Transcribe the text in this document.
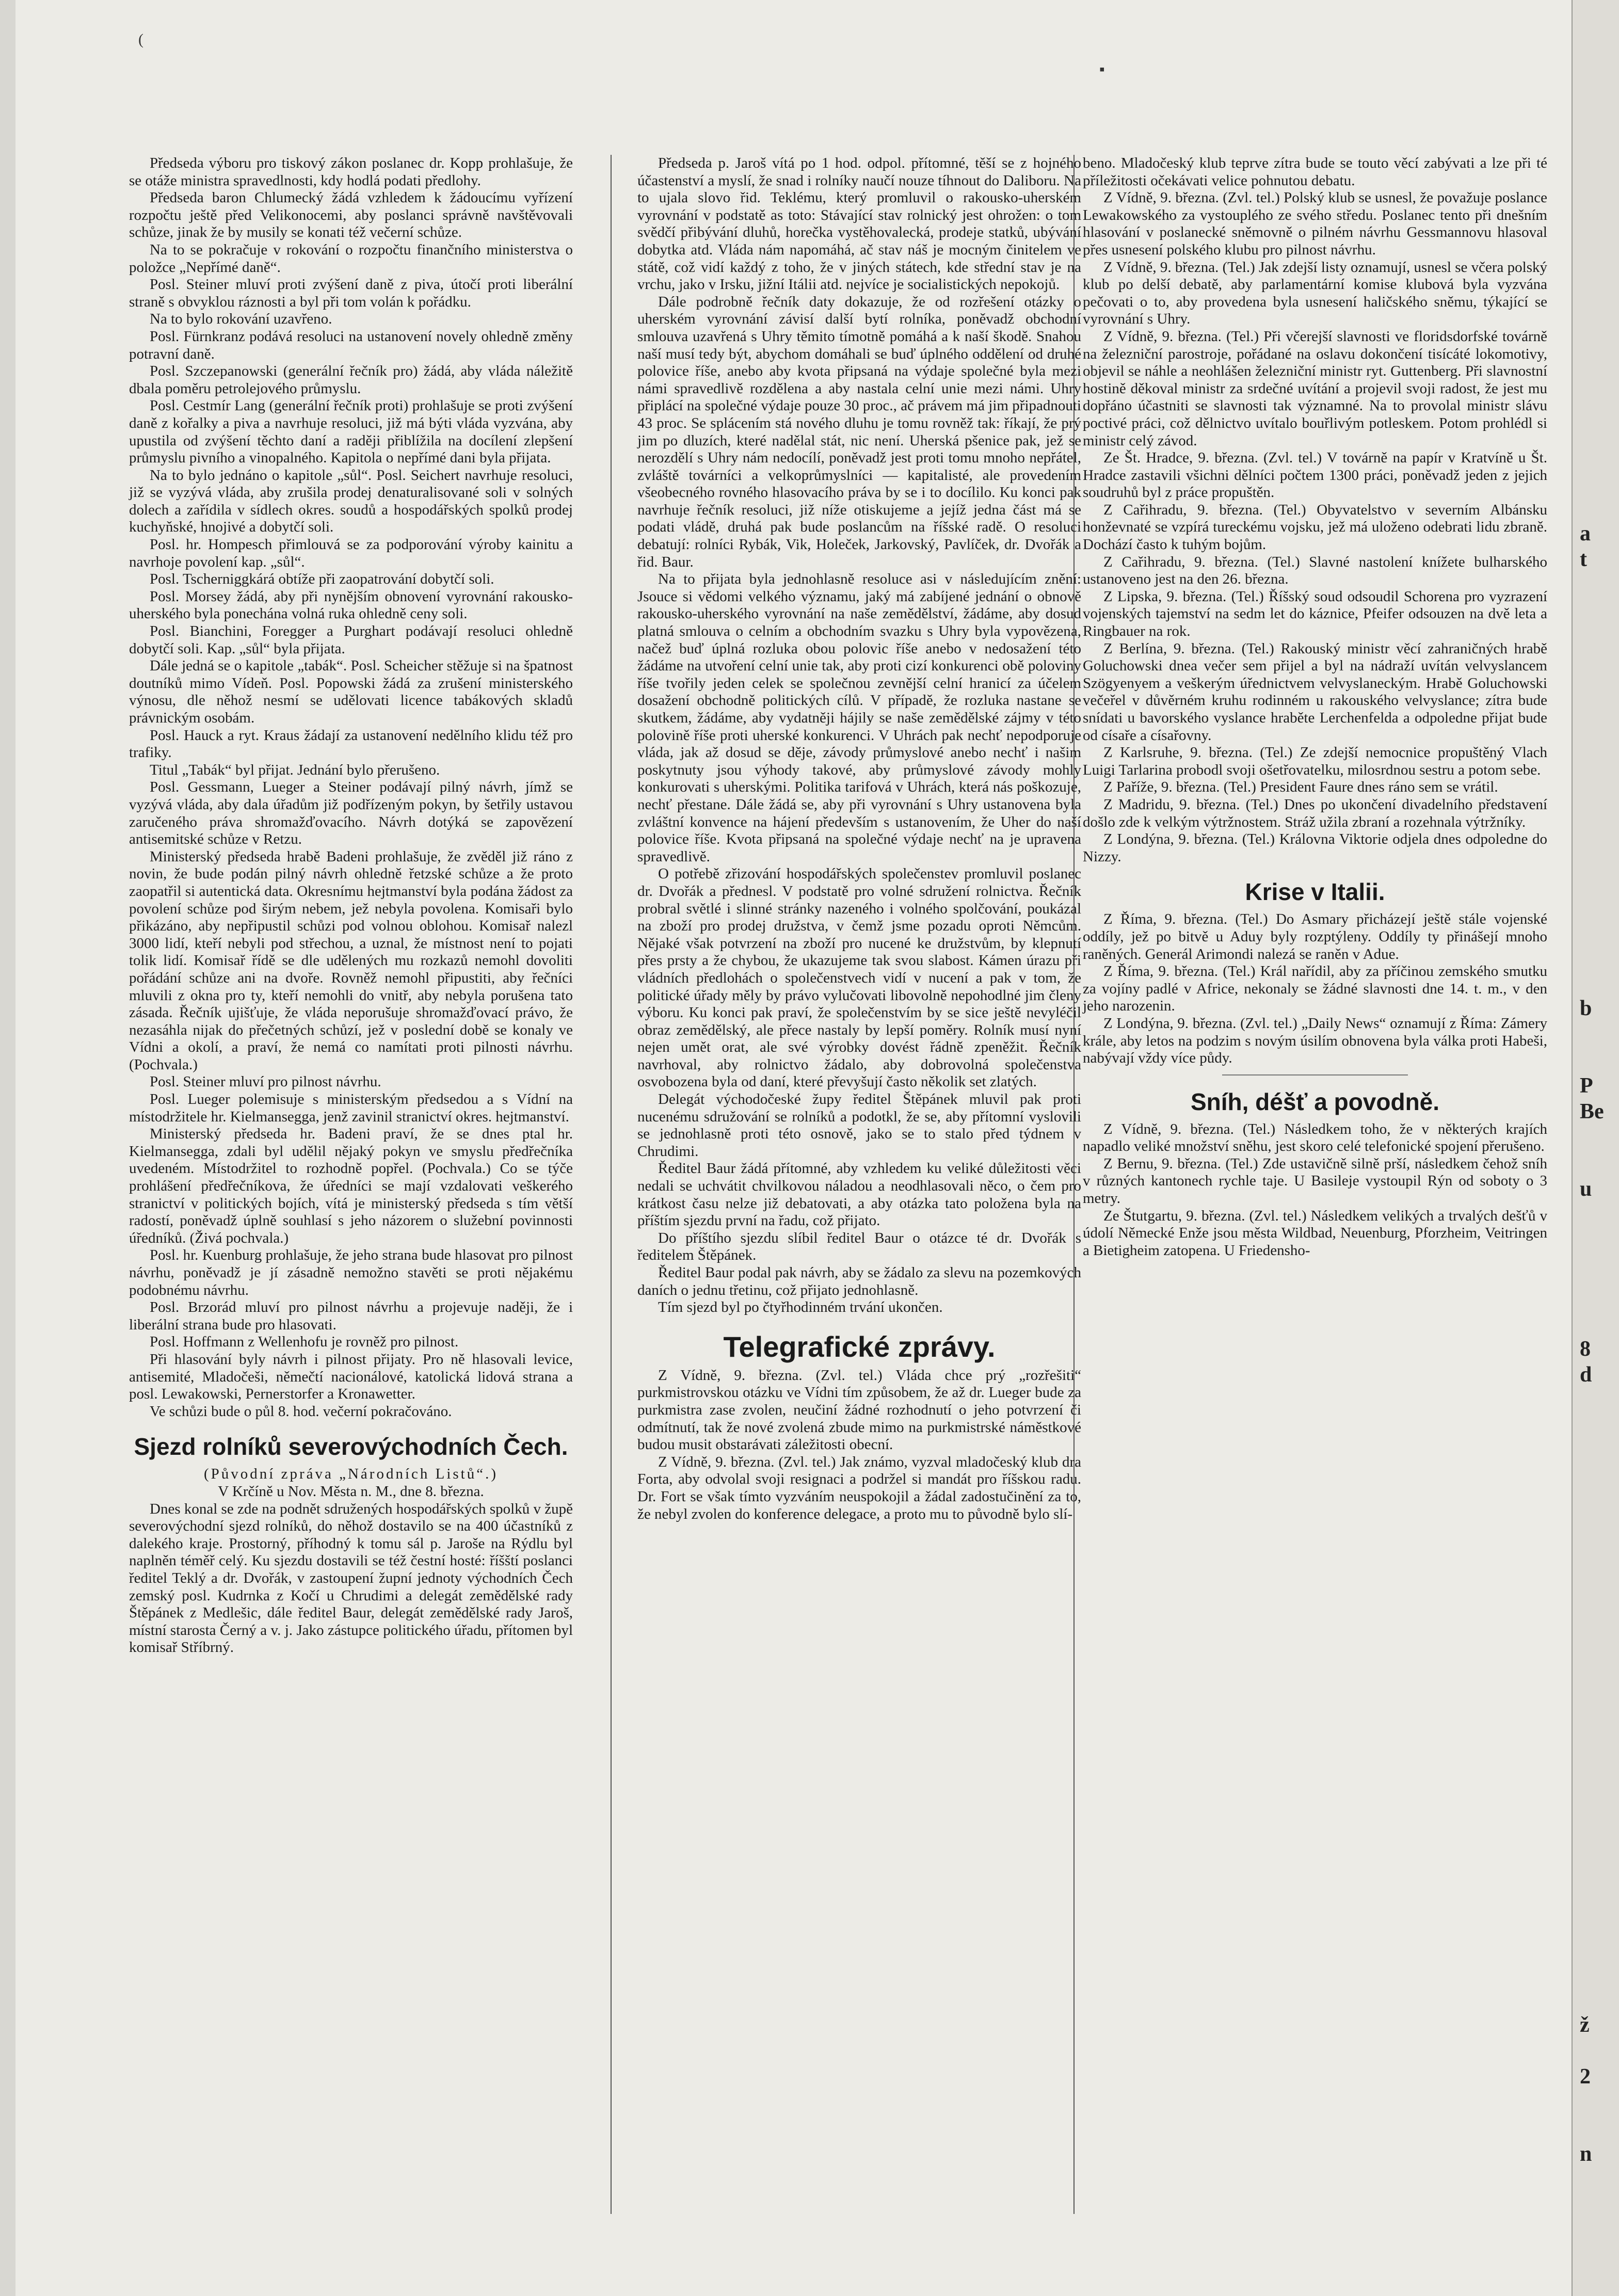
(
▪

Předseda výboru pro tiskový zákon poslanec dr. Kopp prohlašuje, že se otáže ministra spravedlnosti, kdy hodlá podati předlohy.

Předseda baron Chlumecký žádá vzhledem k žádoucímu vyřízení rozpočtu ještě před Velikonocemi, aby poslanci správně navštěvovali schůze, jinak že by musily se konati též večerní schůze.

Na to se pokračuje v rokování o rozpočtu finančního ministerstva o položce „Nepřímé daně“.

Posl. Steiner mluví proti zvýšení daně z piva, útočí proti liberální straně s obvyklou ráznosti a byl při tom volán k pořádku.

Na to bylo rokování uzavřeno.

Posl. Fürnkranz podává resoluci na ustanovení novely ohledně změny potravní daně.

Posl. Szczepanowski (generální řečník pro) žádá, aby vláda náležitě dbala poměru petrolejového průmyslu.

Posl. Cestmír Lang (generální řečník proti) prohlašuje se proti zvýšení daně z kořalky a piva a navrhuje resoluci, již má býti vláda vyzvána, aby upustila od zvýšení těchto daní a raději přiblížila na docílení zlepšení průmyslu pivního a vinopalného. Kapitola o nepřímé dani byla přijata.

Na to bylo jednáno o kapitole „sůl“. Posl. Seichert navrhuje resoluci, již se vyzývá vláda, aby zrušila prodej denaturalisované soli v solných dolech a zařídila v sídlech okres. soudů a hospodářských spolků prodej kuchyňské, hnojivé a dobytčí soli.

Posl. hr. Hompesch přimlouvá se za podporování výroby kainitu a navrhoje povolení kap. „sůl“.

Posl. Tscherniggkárá obtíže při zaopatrování dobytčí soli.

Posl. Morsey žádá, aby při nynějším obnovení vyrovnání rakousko-uherského byla ponechána volná ruka ohledně ceny soli.

Posl. Bianchini, Foregger a Purghart podávají resoluci ohledně dobytčí soli. Kap. „sůl“ byla přijata.

Dále jedná se o kapitole „tabák“. Posl. Scheicher stěžuje si na špatnost doutníků mimo Vídeň. Posl. Popowski žádá za zrušení ministerského výnosu, dle něhož nesmí se udělovati licence tabákových skladů právnickým osobám.

Posl. Hauck a ryt. Kraus žádají za ustanovení nedělního klidu též pro trafiky.

Titul „Tabák“ byl přijat. Jednání bylo přerušeno.

Posl. Gessmann, Lueger a Steiner podávají pilný návrh, jímž se vyzývá vláda, aby dala úřadům již podřízeným pokyn, by šetřily ustavou zaručeného práva shromažďovacího. Návrh dotýká se zapovězení antisemitské schůze v Retzu.

Ministerský předseda hrabě Badeni prohlašuje, že zvěděl již ráno z novin, že bude podán pilný návrh ohledně řetzské schůze a že proto zaopatřil si autentická data. Okresnímu hejtmanství byla podána žádost za povolení schůze pod širým nebem, jež nebyla povolena. Komisaři bylo přikázáno, aby nepřipustil schůzi pod volnou oblohou. Komisař nalezl 3000 lidí, kteří nebyli pod střechou, a uznal, že místnost není to pojati tolik lidí. Komisař řídě se dle udělených mu rozkazů nemohl dovoliti pořádání schůze ani na dvoře. Rovněž nemohl připustiti, aby řečníci mluvili z okna pro ty, kteří nemohli do vnitř, aby nebyla porušena tato zásada. Řečník ujišťuje, že vláda neporušuje shromažďovací právo, že nezasáhla nijak do přečetných schůzí, jež v poslední době se konaly ve Vídni a okolí, a praví, že nemá co namítati proti pilnosti návrhu. (Pochvala.)

Posl. Steiner mluví pro pilnost návrhu.

Posl. Lueger polemisuje s ministerským předsedou a s Vídní na místodržitele hr. Kielmansegga, jenž zavinil stranictví okres. hejtmanství.

Ministerský předseda hr. Badeni praví, že se dnes ptal hr. Kielmansegga, zdali byl udělil nějaký pokyn ve smyslu předřečníka uvedeném. Místodržitel to rozhodně popřel. (Pochvala.) Co se týče prohlášení předřečníkova, že úředníci se mají vzdalovati veškerého stranictví v politických bojích, vítá je ministerský předseda s tím větší radostí, poněvadž úplně souhlasí s jeho názorem o služební povinnosti úředníků. (Živá pochvala.)

Posl. hr. Kuenburg prohlašuje, že jeho strana bude hlasovat pro pilnost návrhu, poněvadž je jí zásadně nemožno stavěti se proti nějakému podobnému návrhu.

Posl. Brzorád mluví pro pilnost návrhu a projevuje naději, že i liberální strana bude pro hlasovati.

Posl. Hoffmann z Wellenhofu je rovněž pro pilnost.

Při hlasování byly návrh i pilnost přijaty. Pro ně hlasovali levice, antisemité, Mladočeši, němečtí nacionálové, katolická lidová strana a posl. Lewakowski, Pernerstorfer a Kronawetter.

Ve schůzi bude o půl 8. hod. večerní pokračováno.

Sjezd rolníků severovýchodních Čech.

(Původní zpráva „Národních Listů“.)

V Krčíně u Nov. Města n. M., dne 8. března.

Dnes konal se zde na podnět sdružených hospodářských spolků v župě severovýchodní sjezd rolníků, do něhož dostavilo se na 400 účastníků z dalekého kraje. Prostorný, příhodný k tomu sál p. Jaroše na Rýdlu byl naplněn téměř celý. Ku sjezdu dostavili se též čestní hosté: říšští poslanci ředitel Teklý a dr. Dvořák, v zastoupení župní jednoty východních Čech zemský posl. Kudrnka z Kočí u Chrudimi a delegát zemědělské rady Štěpánek z Medlešic, dále ředitel Baur, delegát zemědělské rady Jaroš, místní starosta Černý a v. j. Jako zástupce politického úřadu, přítomen byl komisař Stříbrný.

Předseda p. Jaroš vítá po 1 hod. odpol. přítomné, těší se z hojného účastenství a myslí, že snad i rolníky naučí nouze tíhnout do Daliboru. Na to ujala slovo řid. Teklému, který promluvil o rakousko-uherském vyrovnání v podstatě as toto: Stávající stav rolnický jest ohrožen: o tom svědčí přibývání dluhů, horečka vystěhovalecká, prodeje statků, ubývání dobytka atd. Vláda nám napomáhá, ač stav náš je mocným činitelem ve státě, což vidí každý z toho, že v jiných státech, kde střední stav je na vrchu, jako v Irsku, jižní Itálii atd. nejvíce je socialistických nepokojů.

Dále podrobně řečník daty dokazuje, že od rozřešení otázky o uherském vyrovnání závisí další bytí rolníka, poněvadž obchodní smlouva uzavřená s Uhry těmito tímotně pomáhá a k naší škodě. Snahou naší musí tedy být, abychom domáhali se buď úplného oddělení od druhé polovice říše, anebo aby kvota připsaná na výdaje společné byla mezi námi spravedlivě rozdělena a aby nastala celní unie mezi námi. Uhry připlácí na společné výdaje pouze 30 proc., ač právem má jim připadnouti 43 proc. Se splácením stá nového dluhu je tomu rovněž tak: říkají, že prý jim po dluzích, které nadělal stát, nic není. Uherská pšenice pak, jež se nerozdělí s Uhry nám nedocílí, poněvadž jest proti tomu mnoho nepřátel, zvláště továrníci a velkoprůmyslníci — kapitalisté, ale provedením všeobecného rovného hlasovacího práva by se i to docílilo. Ku konci pak navrhuje řečník resoluci, již níže otiskujeme a jejíž jedna část má se podati vládě, druhá pak bude poslancům na říšské radě. O resoluci debatují: rolníci Rybák, Vik, Holeček, Jarkovský, Pavlíček, dr. Dvořák a řid. Baur.

Na to přijata byla jednohlasně resoluce asi v následujícím znění: Jsouce si vědomi velkého významu, jaký má zabíjené jednání o obnově rakousko-uherského vyrovnání na naše zemědělství, žádáme, aby dosud platná smlouva o celním a obchodním svazku s Uhry byla vypovězena, načež buď úplná rozluka obou polovic říše anebo v nedosažení této žádáme na utvoření celní unie tak, aby proti cizí konkurenci obě poloviny říše tvořily jeden celek se společnou zevnější celní hranicí za účelem dosažení obchodně politických cílů. V případě, že rozluka nastane se skutkem, žádáme, aby vydatněji hájily se naše zemědělské zájmy v této polovině říše proti uherské konkurenci. V Uhrách pak nechť nepodporuje vláda, jak až dosud se děje, závody průmyslové anebo nechť i našim poskytnuty jsou výhody takové, aby průmyslové závody mohly konkurovati s uherskými. Politika tarifová v Uhrách, která nás poškozuje, nechť přestane. Dále žádá se, aby při vyrovnání s Uhry ustanovena byla zvláštní konvence na hájení především s ustanovením, že Uher do naší polovice říše. Kvota připsaná na společné výdaje nechť na je upravena spravedlivě.

O potřebě zřizování hospodářských společenstev promluvil poslanec dr. Dvořák a přednesl. V podstatě pro volné sdružení rolnictva. Řečník probral světlé i slinné stránky nazeného i volného spolčování, poukázal na zboží pro prodej družstva, v čemž jsme pozadu oproti Němcům. Nějaké však potvrzení na zboží pro nucené ke družstvům, by klepnutí přes prsty a že chybou, že ukazujeme tak svou slabost. Kámen úrazu při vládních předlohách o společenstvech vidí v nucení a pak v tom, že politické úřady měly by právo vylučovati libovolně nepohodlné jim členy výboru. Ku konci pak praví, že společenstvím by se sice ještě nevyléčil obraz zemědělský, ale přece nastaly by lepší poměry. Rolník musí nyní nejen umět orat, ale své výrobky dovést řádně zpeněžit. Řečník navrhoval, aby rolnictvo žádalo, aby dobrovolná společenstva osvobozena byla od daní, které převyšují často několik set zlatých.

Delegát východočeské župy ředitel Štěpánek mluvil pak proti nucenému sdružování se rolníků a podotkl, že se, aby přítomní vyslovili se jednohlasně proti této osnově, jako se to stalo před týdnem v Chrudimi.

Ředitel Baur žádá přítomné, aby vzhledem ku veliké důležitosti věci nedali se uchvátit chvilkovou náladou a neodhlasovali něco, o čem pro krátkost času nelze již debatovati, a aby otázka tato položena byla na příštím sjezdu první na řadu, což přijato.

Do příštího sjezdu slíbil ředitel Baur o otázce té dr. Dvořák s ředitelem Štěpánek.

Ředitel Baur podal pak návrh, aby se žádalo za slevu na pozemkových daních o jednu třetinu, což přijato jednohlasně.

Tím sjezd byl po čtyřhodinném trvání ukončen.

Telegrafické zprávy.

Z Vídně, 9. března. (Zvl. tel.) Vláda chce prý „rozřešiti“ purkmistrovskou otázku ve Vídni tím způsobem, že až dr. Lueger bude za purkmistra zase zvolen, neučiní žádné rozhodnutí o jeho potvrzení či odmítnutí, tak že nové zvolená zbude mimo na purkmistrské náměstkové budou musit obstarávati záležitosti obecní.

Z Vídně, 9. března. (Zvl. tel.) Jak známo, vyzval mladočeský klub dra Forta, aby odvolal svoji resignaci a podržel si mandát pro říšskou radu. Dr. Fort se však tímto vyzváním neuspokojil a žádal zadostučinění za to, že nebyl zvolen do konference delegace, a proto mu to původně bylo slí-

beno. Mladočeský klub teprve zítra bude se touto věcí zabývati a lze při té příležitosti očekávati velice pohnutou debatu.

Z Vídně, 9. března. (Zvl. tel.) Polský klub se usnesl, že považuje poslance Lewakowského za vystouplého ze svého středu. Poslanec tento při dnešním hlasování v poslanecké sněmovně o pilném návrhu Gessmannovu hlasoval přes usnesení polského klubu pro pilnost návrhu.

Z Vídně, 9. března. (Tel.) Jak zdejší listy oznamují, usnesl se včera polský klub po delší debatě, aby parlamentární komise klubová byla vyzvána pečovati o to, aby provedena byla usnesení haličského sněmu, týkající se vyrovnání s Uhry.

Z Vídně, 9. března. (Tel.) Při včerejší slavnosti ve floridsdorfské továrně na železniční parostroje, pořádané na oslavu dokončení tisícáté lokomotivy, objevil se náhle a neohlášen železniční ministr ryt. Guttenberg. Při slavnostní hostině děkoval ministr za srdečné uvítání a projevil svoji radost, že jest mu dopřáno účastniti se slavnosti tak významné. Na to provolal ministr slávu poctivé práci, což dělnictvo uvítalo bouřlivým potleskem. Potom prohlédl si ministr celý závod.

Ze Št. Hradce, 9. března. (Zvl. tel.) V továrně na papír v Kratvíně u Št. Hradce zastavili všichni dělníci počtem 1300 práci, poněvadž jeden z jejich soudruhů byl z práce propuštěn.

Z Cařihradu, 9. března. (Tel.) Obyvatelstvo v severním Albánsku honževnaté se vzpírá tureckému vojsku, jež má uloženo odebrati lidu zbraně. Dochází často k tuhým bojům.

Z Cařihradu, 9. března. (Tel.) Slavné nastolení knížete bulharského ustanoveno jest na den 26. března.

Z Lipska, 9. března. (Tel.) Říšský soud odsoudil Schorena pro vyzrazení vojenských tajemství na sedm let do káznice, Pfeifer odsouzen na dvě leta a Ringbauer na rok.

Z Berlína, 9. března. (Tel.) Rakouský ministr věcí zahraničných hrabě Goluchowski dnea večer sem přijel a byl na nádraží uvítán velvyslancem Szögyenyem a veškerým úřednictvem velvyslaneckým. Hrabě Goluchowski večeřel v důvěrném kruhu rodinném u rakouského velvyslance; zítra bude snídati u bavorského vyslance hraběte Lerchenfelda a odpoledne přijat bude od císaře a císařovny.

Z Karlsruhe, 9. března. (Tel.) Ze zdejší nemocnice propuštěný Vlach Luigi Tarlarina probodl svoji ošetřovatelku, milosrdnou sestru a potom sebe.

Z Paříže, 9. března. (Tel.) President Faure dnes ráno sem se vrátil.

Z Madridu, 9. března. (Tel.) Dnes po ukončení divadelního představení došlo zde k velkým výtržnostem. Stráž užila zbraní a rozehnala výtržníky.

Z Londýna, 9. března. (Tel.) Královna Viktorie odjela dnes odpoledne do Nizzy.

Krise v Italii.

Z Říma, 9. března. (Tel.) Do Asmary přicházejí ještě stále vojenské oddíly, jež po bitvě u Aduy byly rozptýleny. Oddíly ty přinášejí mnoho raněných. Generál Arimondi nalezá se raněn v Adue.

Z Říma, 9. března. (Tel.) Král nařídil, aby za příčinou zemského smutku za vojíny padlé v Africe, nekonaly se žádné slavnosti dne 14. t. m., v den jeho narozenin.

Z Londýna, 9. března. (Zvl. tel.) „Daily News“ oznamují z Říma: Zámery krále, aby letos na podzim s novým úsilím obnovena byla válka proti Habeši, nabývají vždy více půdy.

Sníh, déšť a povodně.

Z Vídně, 9. března. (Tel.) Následkem toho, že v některých krajích napadlo veliké množství sněhu, jest skoro celé telefonické spojení přerušeno.

Z Bernu, 9. března. (Tel.) Zde ustavičně silně prší, následkem čehož sníh v různých kantonech rychle taje. U Basileje vystoupil Rýn od soboty o 3 metry.

Ze Štutgartu, 9. března. (Zvl. tel.) Následkem velikých a trvalých dešťů v údolí Německé Enže jsou města Wildbad, Neuenburg, Pforzheim, Veitringen a Bietigheim zatopena. U Friedensho-

a
t
b
P
Be
u
8
d
ž
2
n
